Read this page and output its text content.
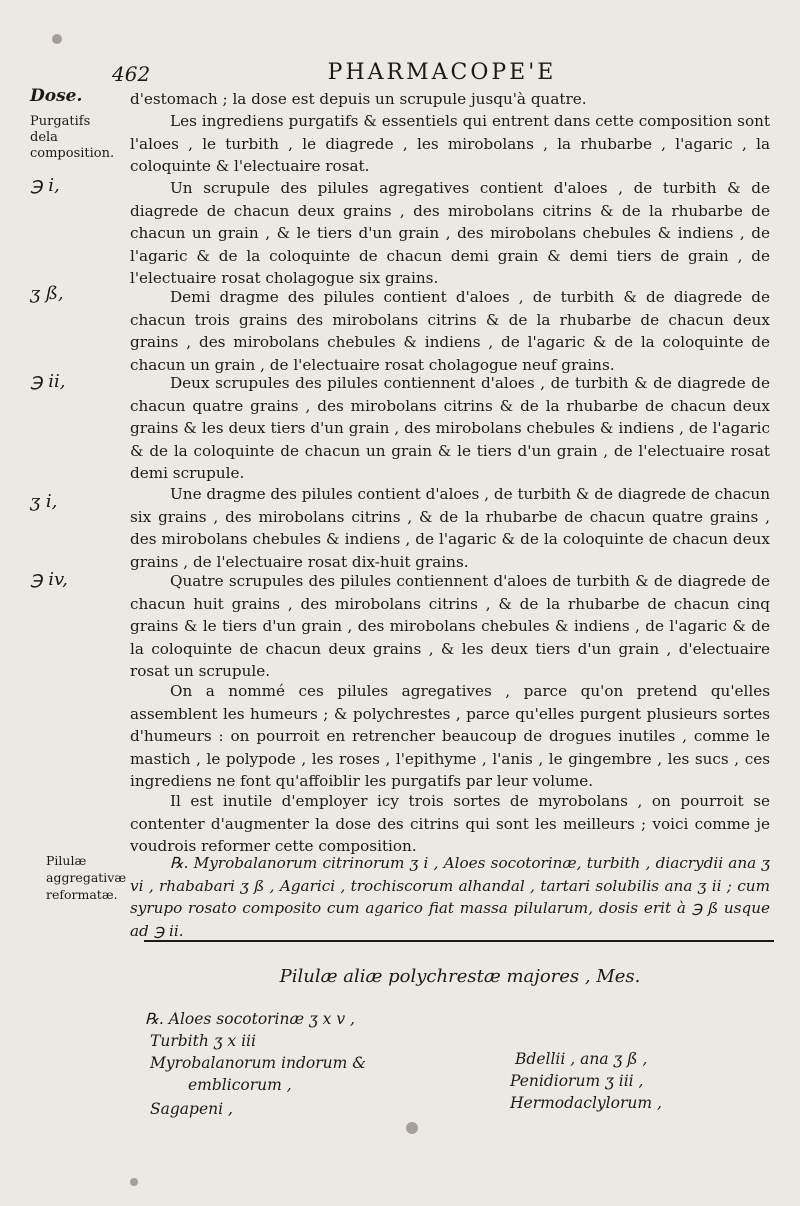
462	PHARMACOPE'E
Dose.
Purgatifs dela composition.
℈ i,
ʒ ß,
℈ ii,
ʒ i,
℈ iv,
Pilulæ aggregativæ reformatæ.
d'estomach ; la dose est depuis un scrupule jusqu'à quatre.
Les ingrediens purgatifs & essentiels qui entrent dans cette composition sont l'aloes , le turbith , le diagrede , les mirobolans , la rhubarbe , l'agaric , la coloquinte & l'electuaire rosat.
Un scrupule des pilules agregatives contient d'aloes , de turbith & de diagrede de chacun deux grains , des mirobolans citrins & de la rhubarbe de chacun un grain , & le tiers d'un grain , des mirobolans chebules & indiens , de l'agaric & de la coloquinte de chacun demi grain & demi tiers de grain , de l'electuaire rosat cholagogue six grains.
Demi dragme des pilules contient d'aloes , de turbith & de diagrede de chacun trois grains des mirobolans citrins & de la rhubarbe de chacun deux grains , des mirobolans chebules & indiens , de l'agaric & de la coloquinte de chacun un grain , de l'electuaire rosat cholagogue neuf grains.
Deux scrupules des pilules contiennent d'aloes , de turbith & de diagrede de chacun quatre grains , des mirobolans citrins & de la rhubarbe de chacun deux grains & les deux tiers d'un grain , des mirobolans chebules & indiens , de l'agaric & de la coloquinte de chacun un grain & le tiers d'un grain , de l'electuaire rosat demi scrupule.
Une dragme des pilules contient d'aloes , de turbith & de diagrede de chacun six grains , des mirobolans citrins , & de la rhubarbe de chacun quatre grains , des mirobolans chebules & indiens , de l'agaric & de la coloquinte de chacun deux grains , de l'electuaire rosat dix-huit grains.
Quatre scrupules des pilules contiennent d'aloes de turbith & de diagrede de chacun huit grains , des mirobolans citrins , & de la rhubarbe de chacun cinq grains & le tiers d'un grain , des mirobolans chebules & indiens , de l'agaric & de la coloquinte de chacun deux grains , & les deux tiers d'un grain , d'electuaire rosat un scrupule.
On a nommé ces pilules agregatives , parce qu'on pretend qu'elles assemblent les humeurs ; & polychrestes , parce qu'elles purgent plusieurs sortes d'humeurs : on pourroit en retrencher beaucoup de drogues inutiles , comme le mastich , le polypode , les roses , l'epithyme , l'anis , le gingembre , les sucs , ces ingrediens ne font qu'affoiblir les purgatifs par leur volume.
Il est inutile d'employer icy trois sortes de myrobolans , on pourroit se contenter d'augmenter la dose des citrins qui sont les meilleurs ; voici comme je voudrois reformer cette composition.
℞. Myrobalanorum citrinorum ʒ i , Aloes socotorinæ, turbith , diacrydii ana ʒ vi , rhababari ʒ ß , Agarici , trochiscorum alhandal , tartari solubilis ana ʒ ii ; cum syrupo rosato composito cum agarico fiat massa pilularum, dosis erit à ℈ ß usque ad ℈ ii.
Pilulæ aliæ polychrestæ majores , Mes.
℞. Aloes socotorinæ ʒ x v ,
Turbith ʒ x iii
Myrobalanorum indorum &
emblicorum ,
Sagapeni ,
Bdellii , ana ʒ ß ,
Penidiorum ʒ iii ,
Hermodaclylorum ,
